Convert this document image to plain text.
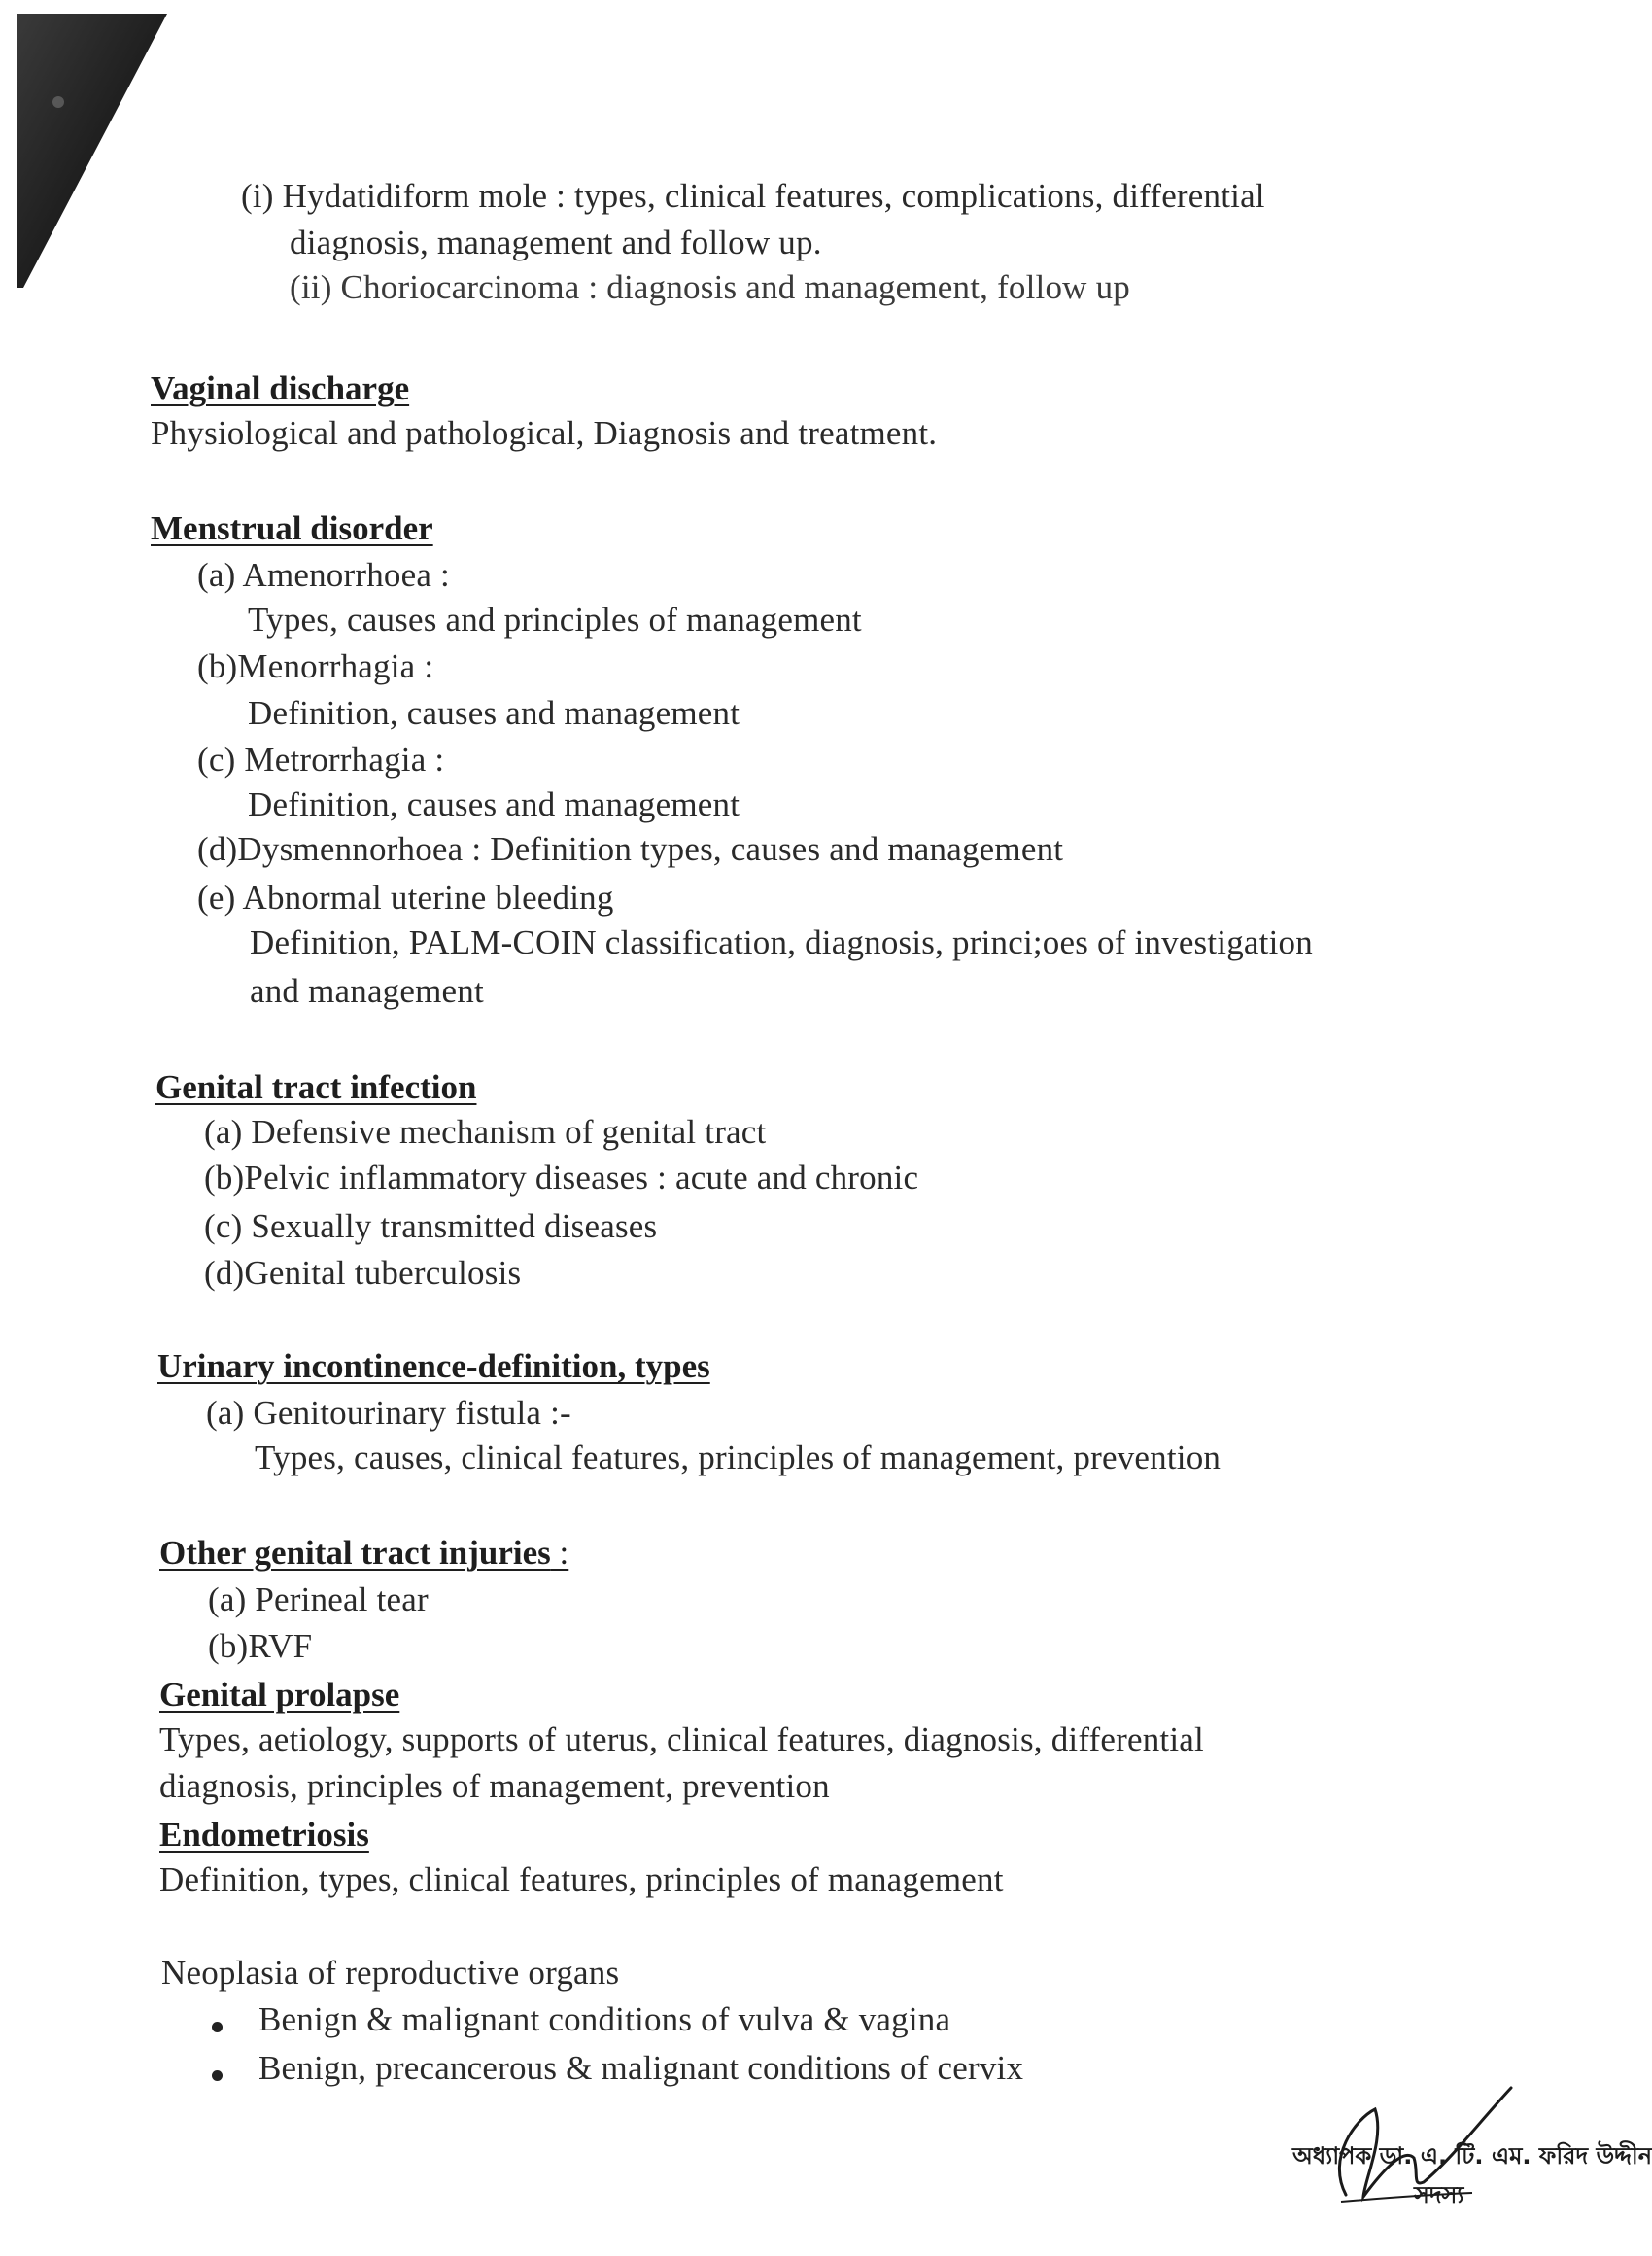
(i) Hydatidiform mole : types, clinical features, complications, differential
diagnosis, management and follow up.
(ii) Choriocarcinoma : diagnosis and management, follow up
Vaginal discharge
Physiological and pathological, Diagnosis and treatment.
Menstrual disorder
(a) Amenorrhoea :
Types, causes and principles of management
(b)Menorrhagia :
Definition, causes and management
(c) Metrorrhagia :
Definition, causes and management
(d)Dysmennorhoea : Definition types, causes and management
(e) Abnormal uterine bleeding
Definition, PALM-COIN classification, diagnosis, princi;oes of investigation
and management
Genital tract infection
(a) Defensive mechanism of genital tract
(b)Pelvic inflammatory diseases : acute and chronic
(c) Sexually transmitted diseases
(d)Genital tuberculosis
Urinary incontinence-definition, types
(a) Genitourinary fistula :-
Types, causes, clinical features, principles of management, prevention
Other genital tract injuries :
(a) Perineal tear
(b)RVF
Genital prolapse
Types, aetiology, supports of uterus, clinical features, diagnosis, differential
diagnosis, principles of management, prevention
Endometriosis
Definition, types, clinical features, principles of management
Neoplasia of reproductive organs
Benign & malignant conditions of vulva & vagina
Benign, precancerous & malignant conditions of cervix
অধ্যাপক ডা. এ. টি. এম. ফরিদ উদ্দীন
সদস্য
